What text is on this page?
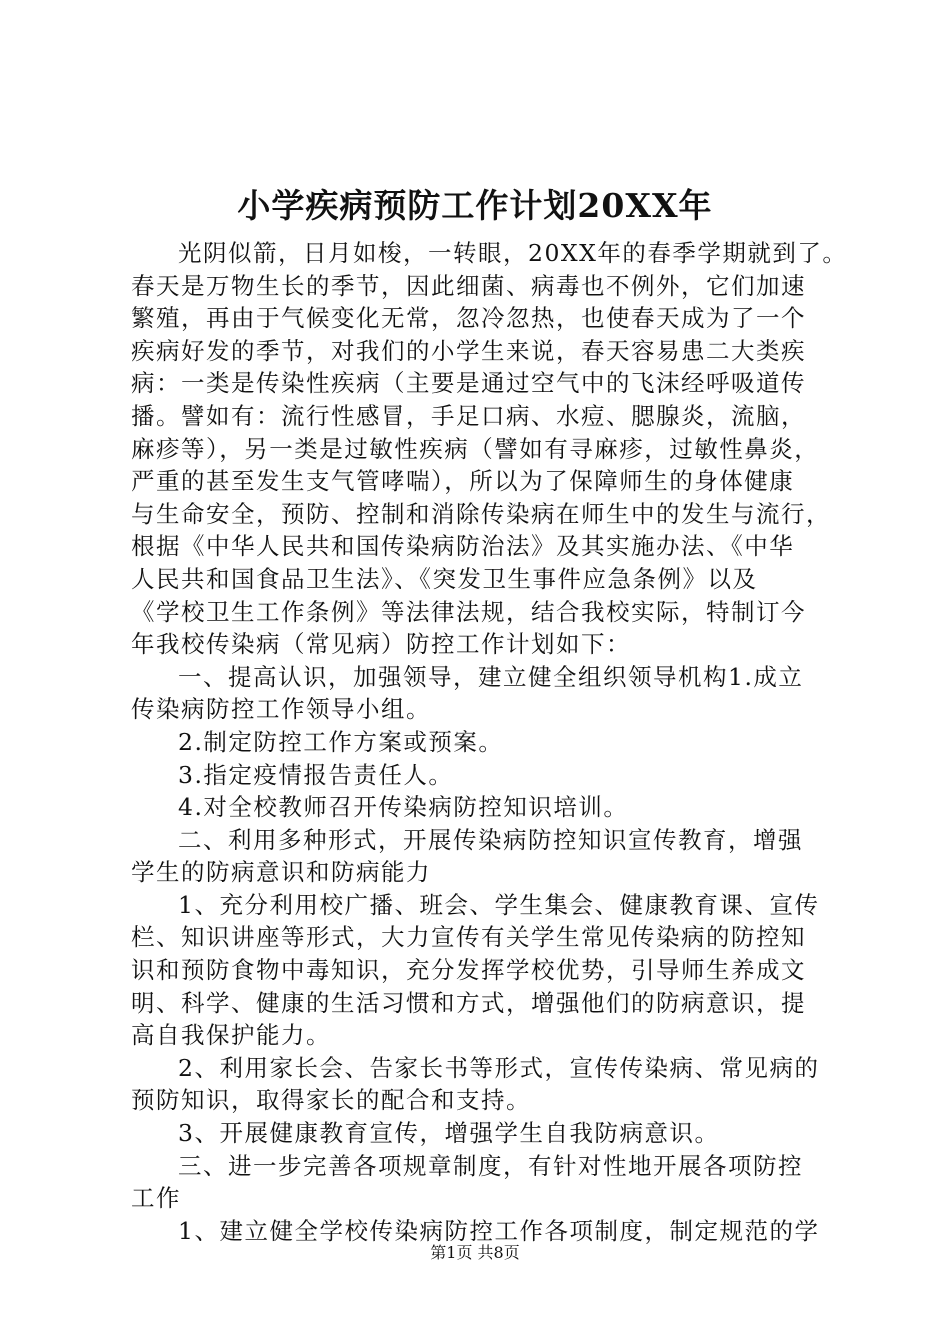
小学疾病预防工作计划20XX年
光阴似箭，日月如梭，一转眼，20XX年的春季学期就到了。
春天是万物生长的季节，因此细菌、病毒也不例外，它们加速
繁殖，再由于气候变化无常，忽冷忽热，也使春天成为了一个
疾病好发的季节，对我们的小学生来说，春天容易患二大类疾
病：一类是传染性疾病（主要是通过空气中的飞沫经呼吸道传
播。譬如有：流行性感冒，手足口病、水痘、腮腺炎，流脑，
麻疹等），另一类是过敏性疾病（譬如有寻麻疹，过敏性鼻炎，
严重的甚至发生支气管哮喘），所以为了保障师生的身体健康
与生命安全，预防、控制和消除传染病在师生中的发生与流行，
根据《中华人民共和国传染病防治法》及其实施办法、《中华
人民共和国食品卫生法》、《突发卫生事件应急条例》以及
《学校卫生工作条例》等法律法规，结合我校实际，特制订今
年我校传染病（常见病）防控工作计划如下：
一、提高认识，加强领导，建立健全组织领导机构1.成立
传染病防控工作领导小组。
2.制定防控工作方案或预案。
3.指定疫情报告责任人。
4.对全校教师召开传染病防控知识培训。
二、利用多种形式，开展传染病防控知识宣传教育，增强
学生的防病意识和防病能力
1、充分利用校广播、班会、学生集会、健康教育课、宣传
栏、知识讲座等形式，大力宣传有关学生常见传染病的防控知
识和预防食物中毒知识，充分发挥学校优势，引导师生养成文
明、科学、健康的生活习惯和方式，增强他们的防病意识，提
高自我保护能力。
2、利用家长会、告家长书等形式，宣传传染病、常见病的
预防知识，取得家长的配合和支持。
3、开展健康教育宣传，增强学生自我防病意识。
三、进一步完善各项规章制度，有针对性地开展各项防控
工作
1、建立健全学校传染病防控工作各项制度，制定规范的学
第1页 共8页
